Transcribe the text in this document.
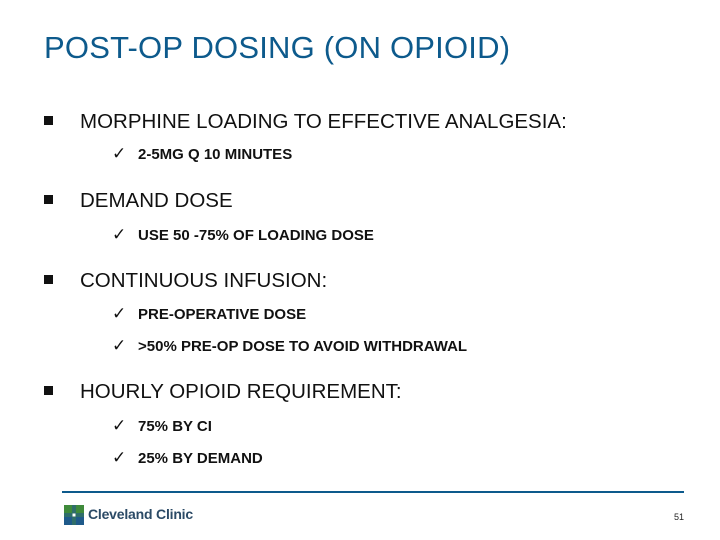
POST-OP DOSING (ON OPIOID)
MORPHINE LOADING TO EFFECTIVE ANALGESIA:
✓ 2-5MG Q 10 MINUTES
DEMAND DOSE
✓ USE 50 -75% OF LOADING DOSE
CONTINUOUS INFUSION:
✓ PRE-OPERATIVE DOSE
✓ >50% PRE-OP DOSE TO AVOID WITHDRAWAL
HOURLY OPIOID REQUIREMENT:
✓ 75% BY CI
✓ 25% BY DEMAND
Cleveland Clinic	51
